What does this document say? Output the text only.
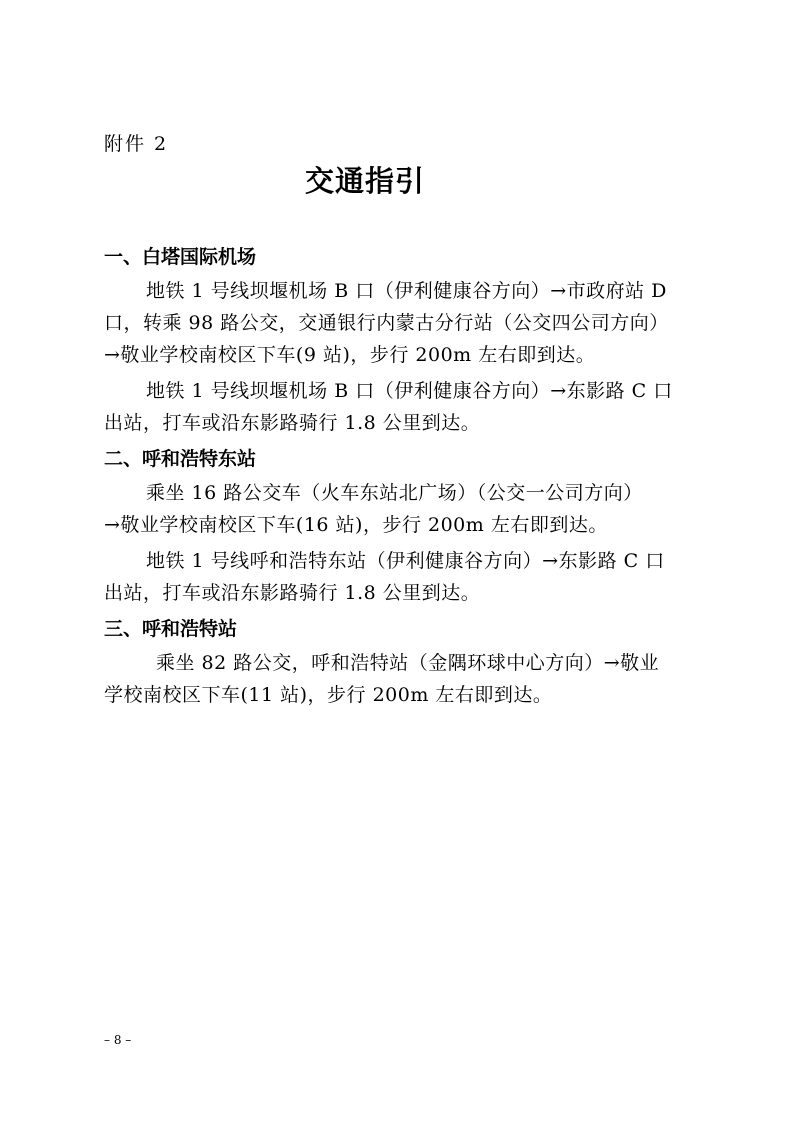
附件 2
交通指引
一、白塔国际机场
地铁 1 号线坝堰机场 B 口（伊利健康谷方向）→市政府站 D
口，转乘 98 路公交，交通银行内蒙古分行站（公交四公司方向）
→敬业学校南校区下车(9 站)，步行 200m 左右即到达。
地铁 1 号线坝堰机场 B 口（伊利健康谷方向）→东影路 C 口
出站，打车或沿东影路骑行 1.8 公里到达。
二、呼和浩特东站
乘坐 16 路公交车（火车东站北广场）（公交一公司方向）
→敬业学校南校区下车(16 站)，步行 200m 左右即到达。
地铁 1 号线呼和浩特东站（伊利健康谷方向）→东影路 C 口
出站，打车或沿东影路骑行 1.8 公里到达。
三、呼和浩特站
乘坐 82 路公交，呼和浩特站（金隅环球中心方向）→敬业
学校南校区下车(11 站)，步行 200m 左右即到达。
– 8 –
